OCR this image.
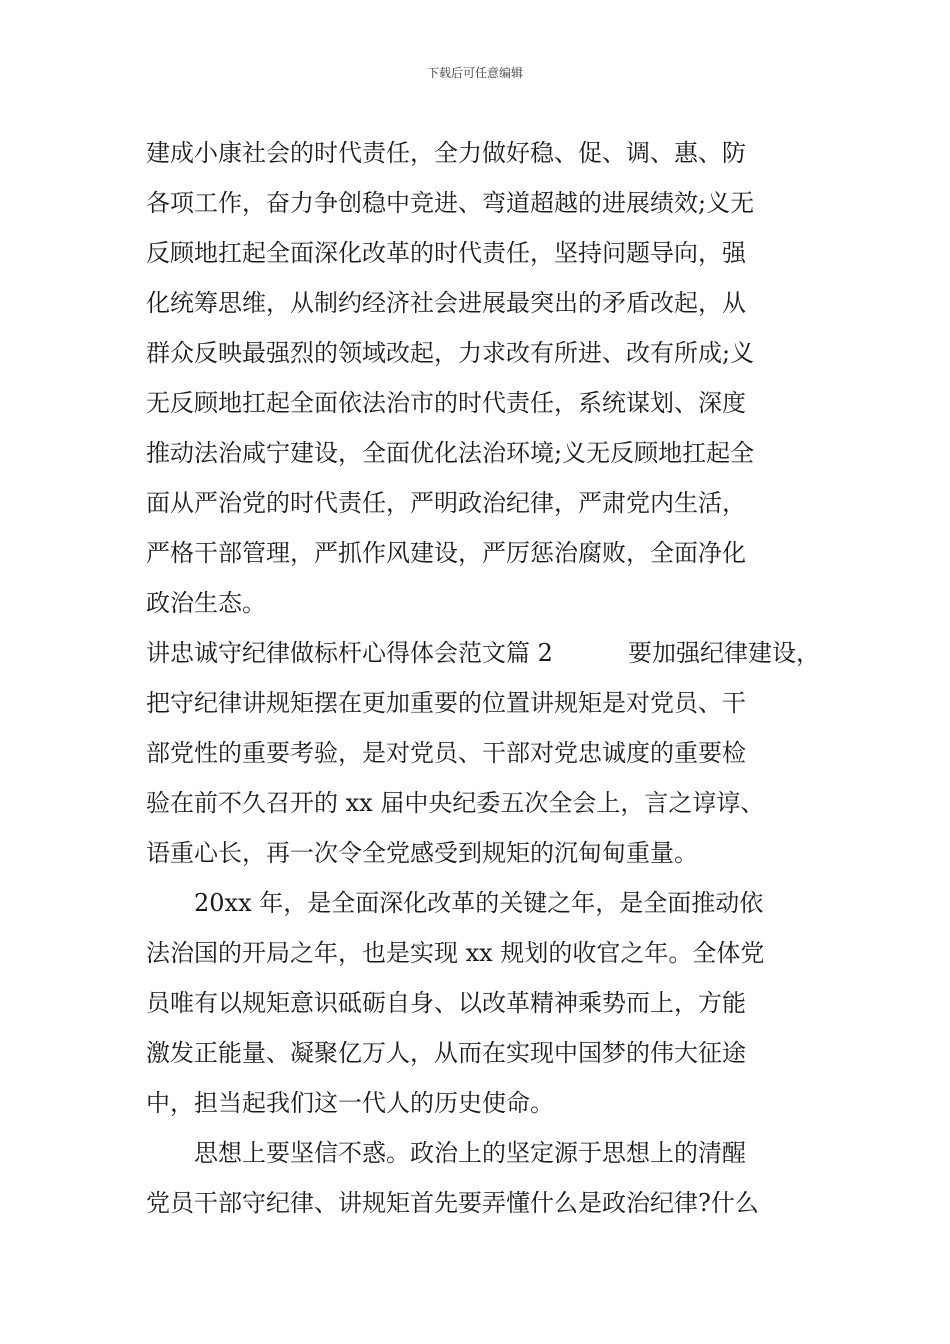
下载后可任意编辑
建成小康社会的时代责任，全力做好稳、促、调、惠、防
各项工作，奋力争创稳中竞进、弯道超越的进展绩效;义无
反顾地扛起全面深化改革的时代责任，坚持问题导向，强
化统筹思维，从制约经济社会进展最突出的矛盾改起，从
群众反映最强烈的领域改起，力求改有所进、改有所成;义
无反顾地扛起全面依法治市的时代责任，系统谋划、深度
推动法治咸宁建设，全面优化法治环境;义无反顾地扛起全
面从严治党的时代责任，严明政治纪律，严肃党内生活，
严格干部管理，严抓作风建设，严厉惩治腐败，全面净化
政治生态。
讲忠诚守纪律做标杆心得体会范文篇 2	要加强纪律建设，
把守纪律讲规矩摆在更加重要的位置讲规矩是对党员、干
部党性的重要考验，是对党员、干部对党忠诚度的重要检
验在前不久召开的 xx 届中央纪委五次全会上，言之谆谆、
语重心长，再一次令全党感受到规矩的沉甸甸重量。
20xx 年，是全面深化改革的关键之年，是全面推动依
法治国的开局之年，也是实现 xx 规划的收官之年。全体党
员唯有以规矩意识砥砺自身、以改革精神乘势而上，方能
激发正能量、凝聚亿万人，从而在实现中国梦的伟大征途
中，担当起我们这一代人的历史使命。
思想上要坚信不惑。政治上的坚定源于思想上的清醒
党员干部守纪律、讲规矩首先要弄懂什么是政治纪律?什么
